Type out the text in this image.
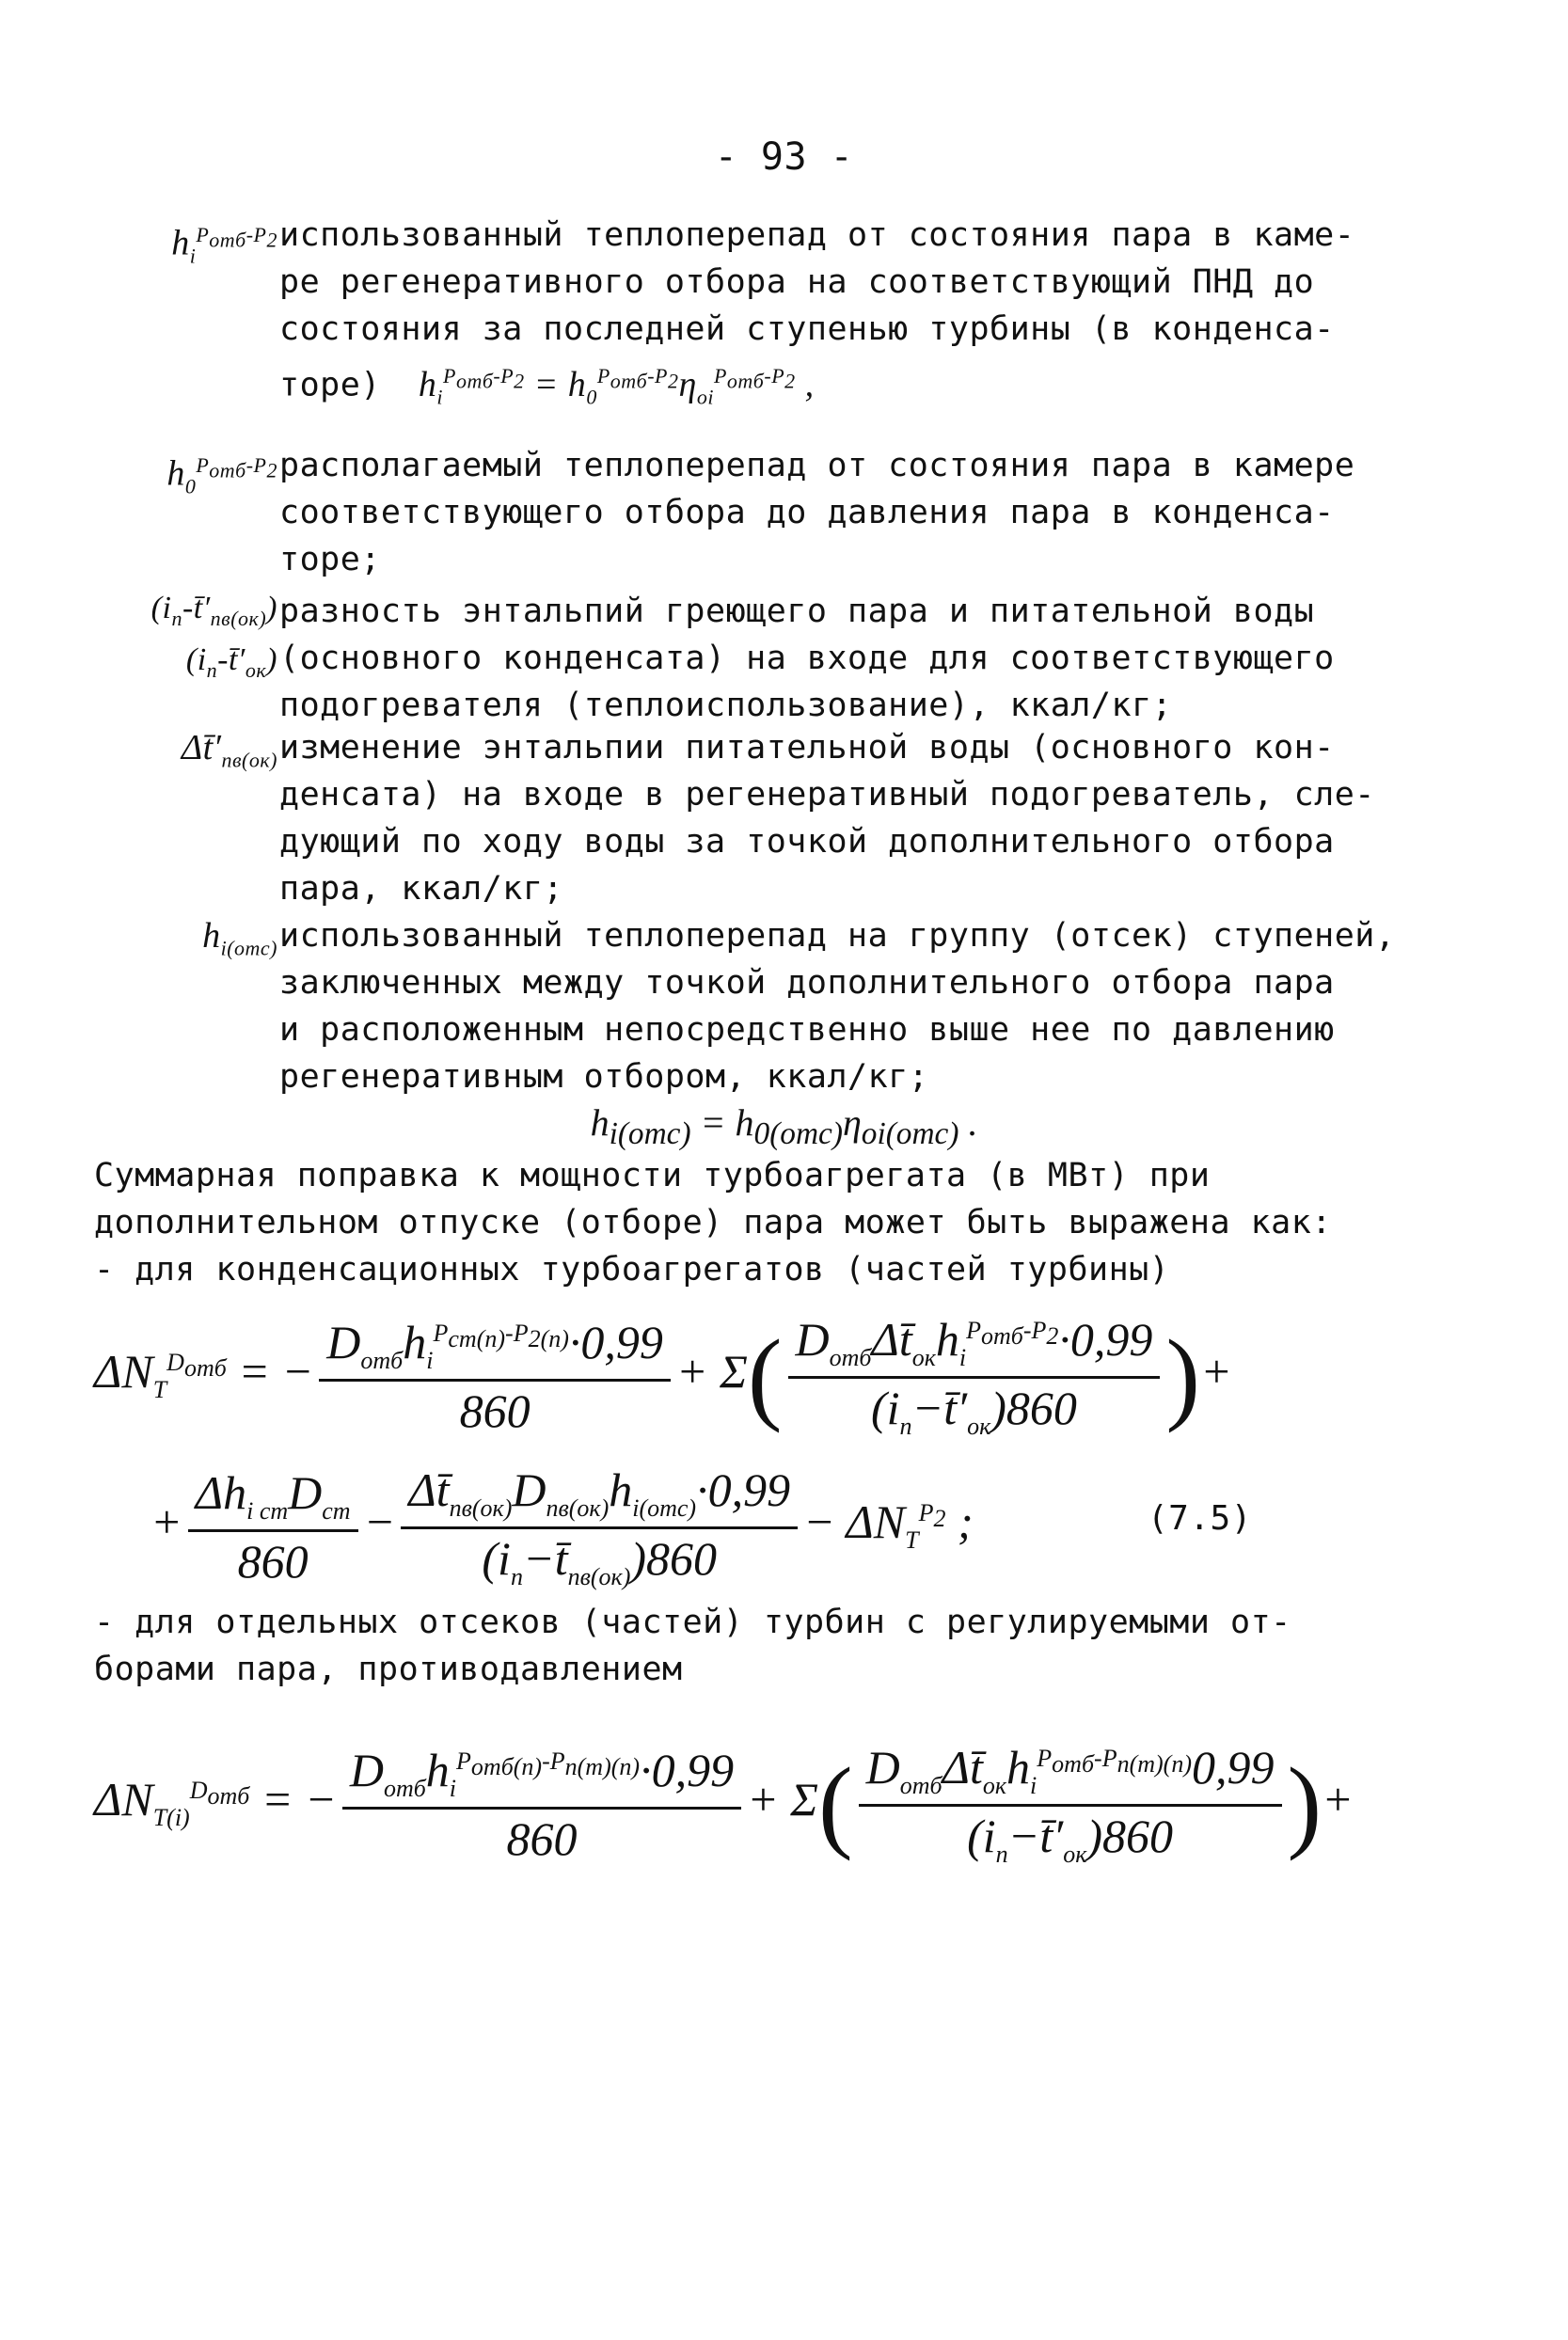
- 93 -
$h_i^{P_{отб}-P_2}$ использованный теплоперепад от состояния пара в каме-
ре регенеративного отбора на соответствующий ПНД до
состояния за последней ступенью турбины (в конденса-
торе) $h_i^{P_{отб}-P_2} = h_0^{P_{отб}-P_2}\eta_{oi}^{P_{отб}-P_2}$ ,
$h_0^{P_{отб}-P_2}$ располагаемый теплоперепад от состояния пара в камере
соответствующего отбора до давления пара в конденса-
торе;
$(i_п-t̄'_{пв(ок)})$
$(i_п-t̄'_{ок})$
разность энтальпий греющего пара и питательной воды
(основного конденсата) на входе для соответствующего
подогревателя (теплоиспользование), ккал/кг;
$\Delta t̄'_{пв(ок)}$ изменение энтальпии питательной воды (основного кон-
денсата) на входе в регенеративный подогреватель, сле-
дующий по ходу воды за точкой дополнительного отбора
пара, ккал/кг;
$h_{i(отс)}$ использованный теплоперепад на группу (отсек) ступеней,
заключенных между точкой дополнительного отбора пара
и расположенным непосредственно выше нее по давлению
регенеративным отбором, ккал/кг;
$h_{i(отс)} = h_{0(отс)}\eta_{oi(отс)}$ .
Суммарная поправка к мощности турбоагрегата (в МВт) при
дополнительном отпуске (отборе) пара может быть выражена как:
- для конденсационных турбоагрегатов (частей турбины)
$\Delta N_T^{D_{отб}}$ = − $\frac{D_{отб}h_i^{P_{ст(п)}-P_{2(п)}}\cdot 0,99}{860} + \Sigma( \frac{D_{отб}\Delta t̄_{ок}h_i^{P_{отб}-P_2}\cdot 0,99}{(i_п-t̄'_{ок})860}$ )+
+ $\frac{\Delta h_{i ст}D_{ст}}{860} - \frac{\Delta t̄_{пв(ок)}D_{пв(ок)}h_{i(отс)}\cdot 0,99}{(i_п-t̄_{пв(ок)})860} - \Delta N_T^{P_2}$ ;	(7.5)
- для отдельных отсеков (частей) турбин с регулируемыми от-
борами пара, противодавлением
$\Delta N_{T(i)}^{D_{отб}}$ = − $\frac{D_{отб}h_i^{P_{отб(п)}-P_{п(т)(п)}}\cdot 0,99}{860} + \Sigma( \frac{D_{отб}\Delta t̄_{ок}h_i^{P_{отб}-P_{п(т)(п)}}0,99}{(i_п-t̄'_{ок})860}$ )+
